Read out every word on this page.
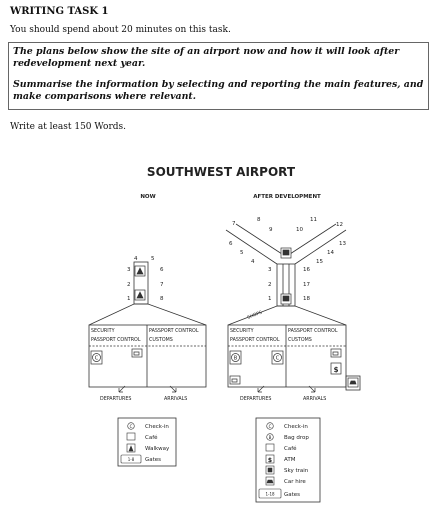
WRITING TASK 1
You should spend about 20 minutes on this task.

The plans below show the site of an airport now and how it will look after redevelopment next year.

Summarise the information by selecting and reporting the main features, and make comparisons where relevant.

Write at least 150 Words.
SOUTHWEST AIRPORT
NOW	AFTER DEVELOPMENT
1
2
3
4 5
6
7
8	1
2
3
4
5
6
7
8
9	10
11
12
13
14
15
16
17
18
SHOPS
SECURITY
PASSPORT CONTROL
PASSPORT CONTROL
CUSTOMS
SECURITY
PASSPORT CONTROL
PASSPORT CONTROL
CUSTOMS
C	B	C
$
DEPARTURES	ARRIVALS	DEPARTURES	ARRIVALS
C
1-8
Check-in
Café
Walkway
Gates
C
B
$
1-18
Check-in
Bag drop
Café
ATM
Sky train
Car hire
Gates
